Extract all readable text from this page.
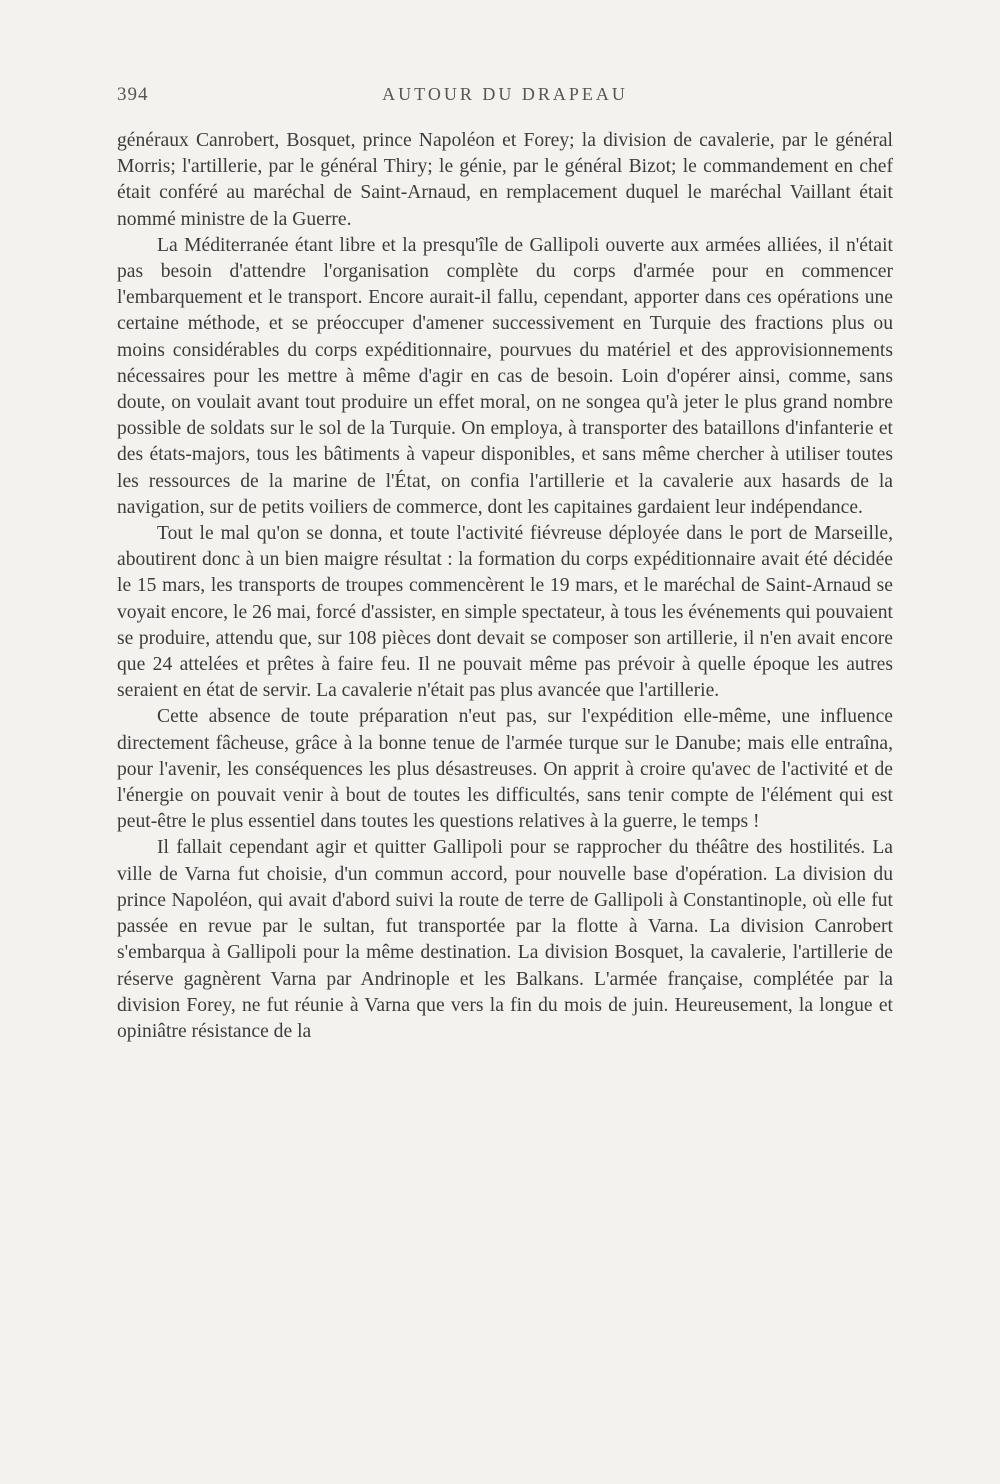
394	AUTOUR DU DRAPEAU

généraux Canrobert, Bosquet, prince Napoléon et Forey; la division de cavalerie, par le général Morris; l'artillerie, par le général Thiry; le génie, par le général Bizot; le commandement en chef était conféré au maréchal de Saint-Arnaud, en remplacement duquel le maréchal Vaillant était nommé ministre de la Guerre.

La Méditerranée étant libre et la presqu'île de Gallipoli ouverte aux armées alliées, il n'était pas besoin d'attendre l'organisation complète du corps d'armée pour en commencer l'embarquement et le transport. Encore aurait-il fallu, cependant, apporter dans ces opérations une certaine méthode, et se préoccuper d'amener successivement en Turquie des fractions plus ou moins considérables du corps expéditionnaire, pourvues du matériel et des approvisionnements nécessaires pour les mettre à même d'agir en cas de besoin. Loin d'opérer ainsi, comme, sans doute, on voulait avant tout produire un effet moral, on ne songea qu'à jeter le plus grand nombre possible de soldats sur le sol de la Turquie. On employa, à transporter des bataillons d'infanterie et des états-majors, tous les bâtiments à vapeur disponibles, et sans même chercher à utiliser toutes les ressources de la marine de l'État, on confia l'artillerie et la cavalerie aux hasards de la navigation, sur de petits voiliers de commerce, dont les capitaines gardaient leur indépendance.

Tout le mal qu'on se donna, et toute l'activité fiévreuse déployée dans le port de Marseille, aboutirent donc à un bien maigre résultat : la formation du corps expéditionnaire avait été décidée le 15 mars, les transports de troupes commencèrent le 19 mars, et le maréchal de Saint-Arnaud se voyait encore, le 26 mai, forcé d'assister, en simple spectateur, à tous les événements qui pouvaient se produire, attendu que, sur 108 pièces dont devait se composer son artillerie, il n'en avait encore que 24 attelées et prêtes à faire feu. Il ne pouvait même pas prévoir à quelle époque les autres seraient en état de servir. La cavalerie n'était pas plus avancée que l'artillerie.

Cette absence de toute préparation n'eut pas, sur l'expédition elle-même, une influence directement fâcheuse, grâce à la bonne tenue de l'armée turque sur le Danube; mais elle entraîna, pour l'avenir, les conséquences les plus désastreuses. On apprit à croire qu'avec de l'activité et de l'énergie on pouvait venir à bout de toutes les difficultés, sans tenir compte de l'élément qui est peut-être le plus essentiel dans toutes les questions relatives à la guerre, le temps !

Il fallait cependant agir et quitter Gallipoli pour se rapprocher du théâtre des hostilités. La ville de Varna fut choisie, d'un commun accord, pour nouvelle base d'opération. La division du prince Napoléon, qui avait d'abord suivi la route de terre de Gallipoli à Constantinople, où elle fut passée en revue par le sultan, fut transportée par la flotte à Varna. La division Canrobert s'embarqua à Gallipoli pour la même destination. La division Bosquet, la cavalerie, l'artillerie de réserve gagnèrent Varna par Andrinople et les Balkans. L'armée française, complétée par la division Forey, ne fut réunie à Varna que vers la fin du mois de juin. Heureusement, la longue et opiniâtre résistance de la
